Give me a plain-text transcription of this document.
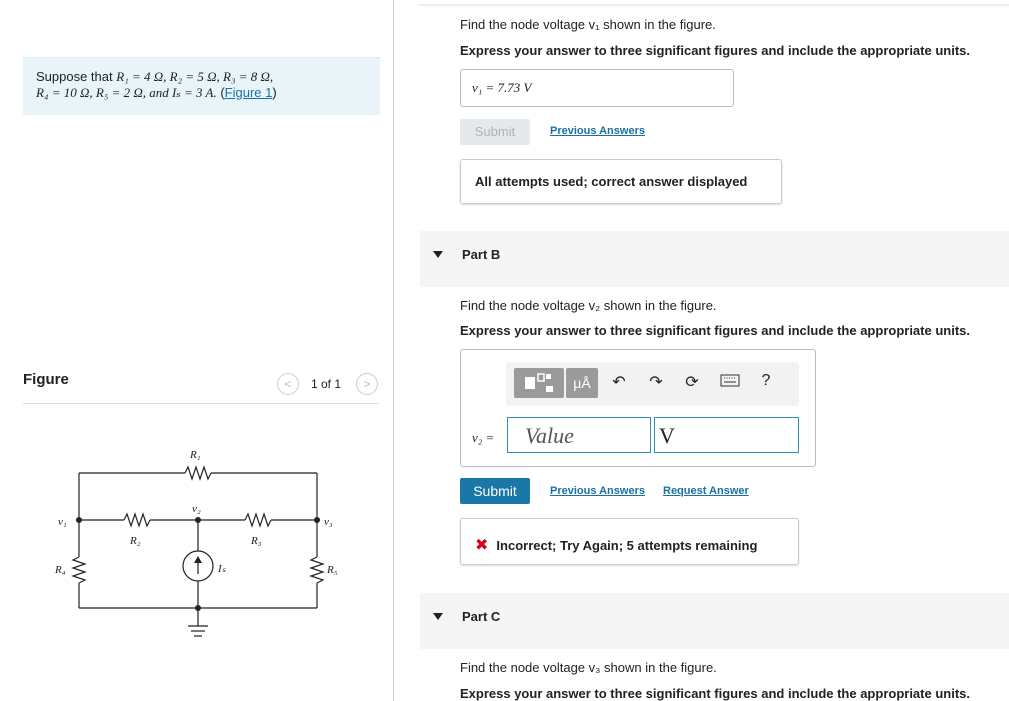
Suppose that R₁ = 4 Ω, R₂ = 5 Ω, R₃ = 8 Ω,
R₄ = 10 Ω, R₅ = 2 Ω, and Iₛ = 3 A. (Figure 1)
Figure	<	1 of 1	>
R₁
v₂
v₁	v₃
R₂	R₃
Iₛ
R₄	R₅
Find the node voltage v₁ shown in the figure.
Express your answer to three significant figures and include the appropriate units.
v₁ = 7.73 V
Submit	Previous Answers
All attempts used; correct answer displayed
Part B
Find the node voltage v₂ shown in the figure.
Express your answer to three significant figures and include the appropriate units.
μÅ	↶ ↷ ⟳	?
v₂ =	Value	V
Submit	Previous Answers Request Answer
✖ Incorrect; Try Again; 5 attempts remaining
Part C
Find the node voltage v₃ shown in the figure.
Express your answer to three significant figures and include the appropriate units.
